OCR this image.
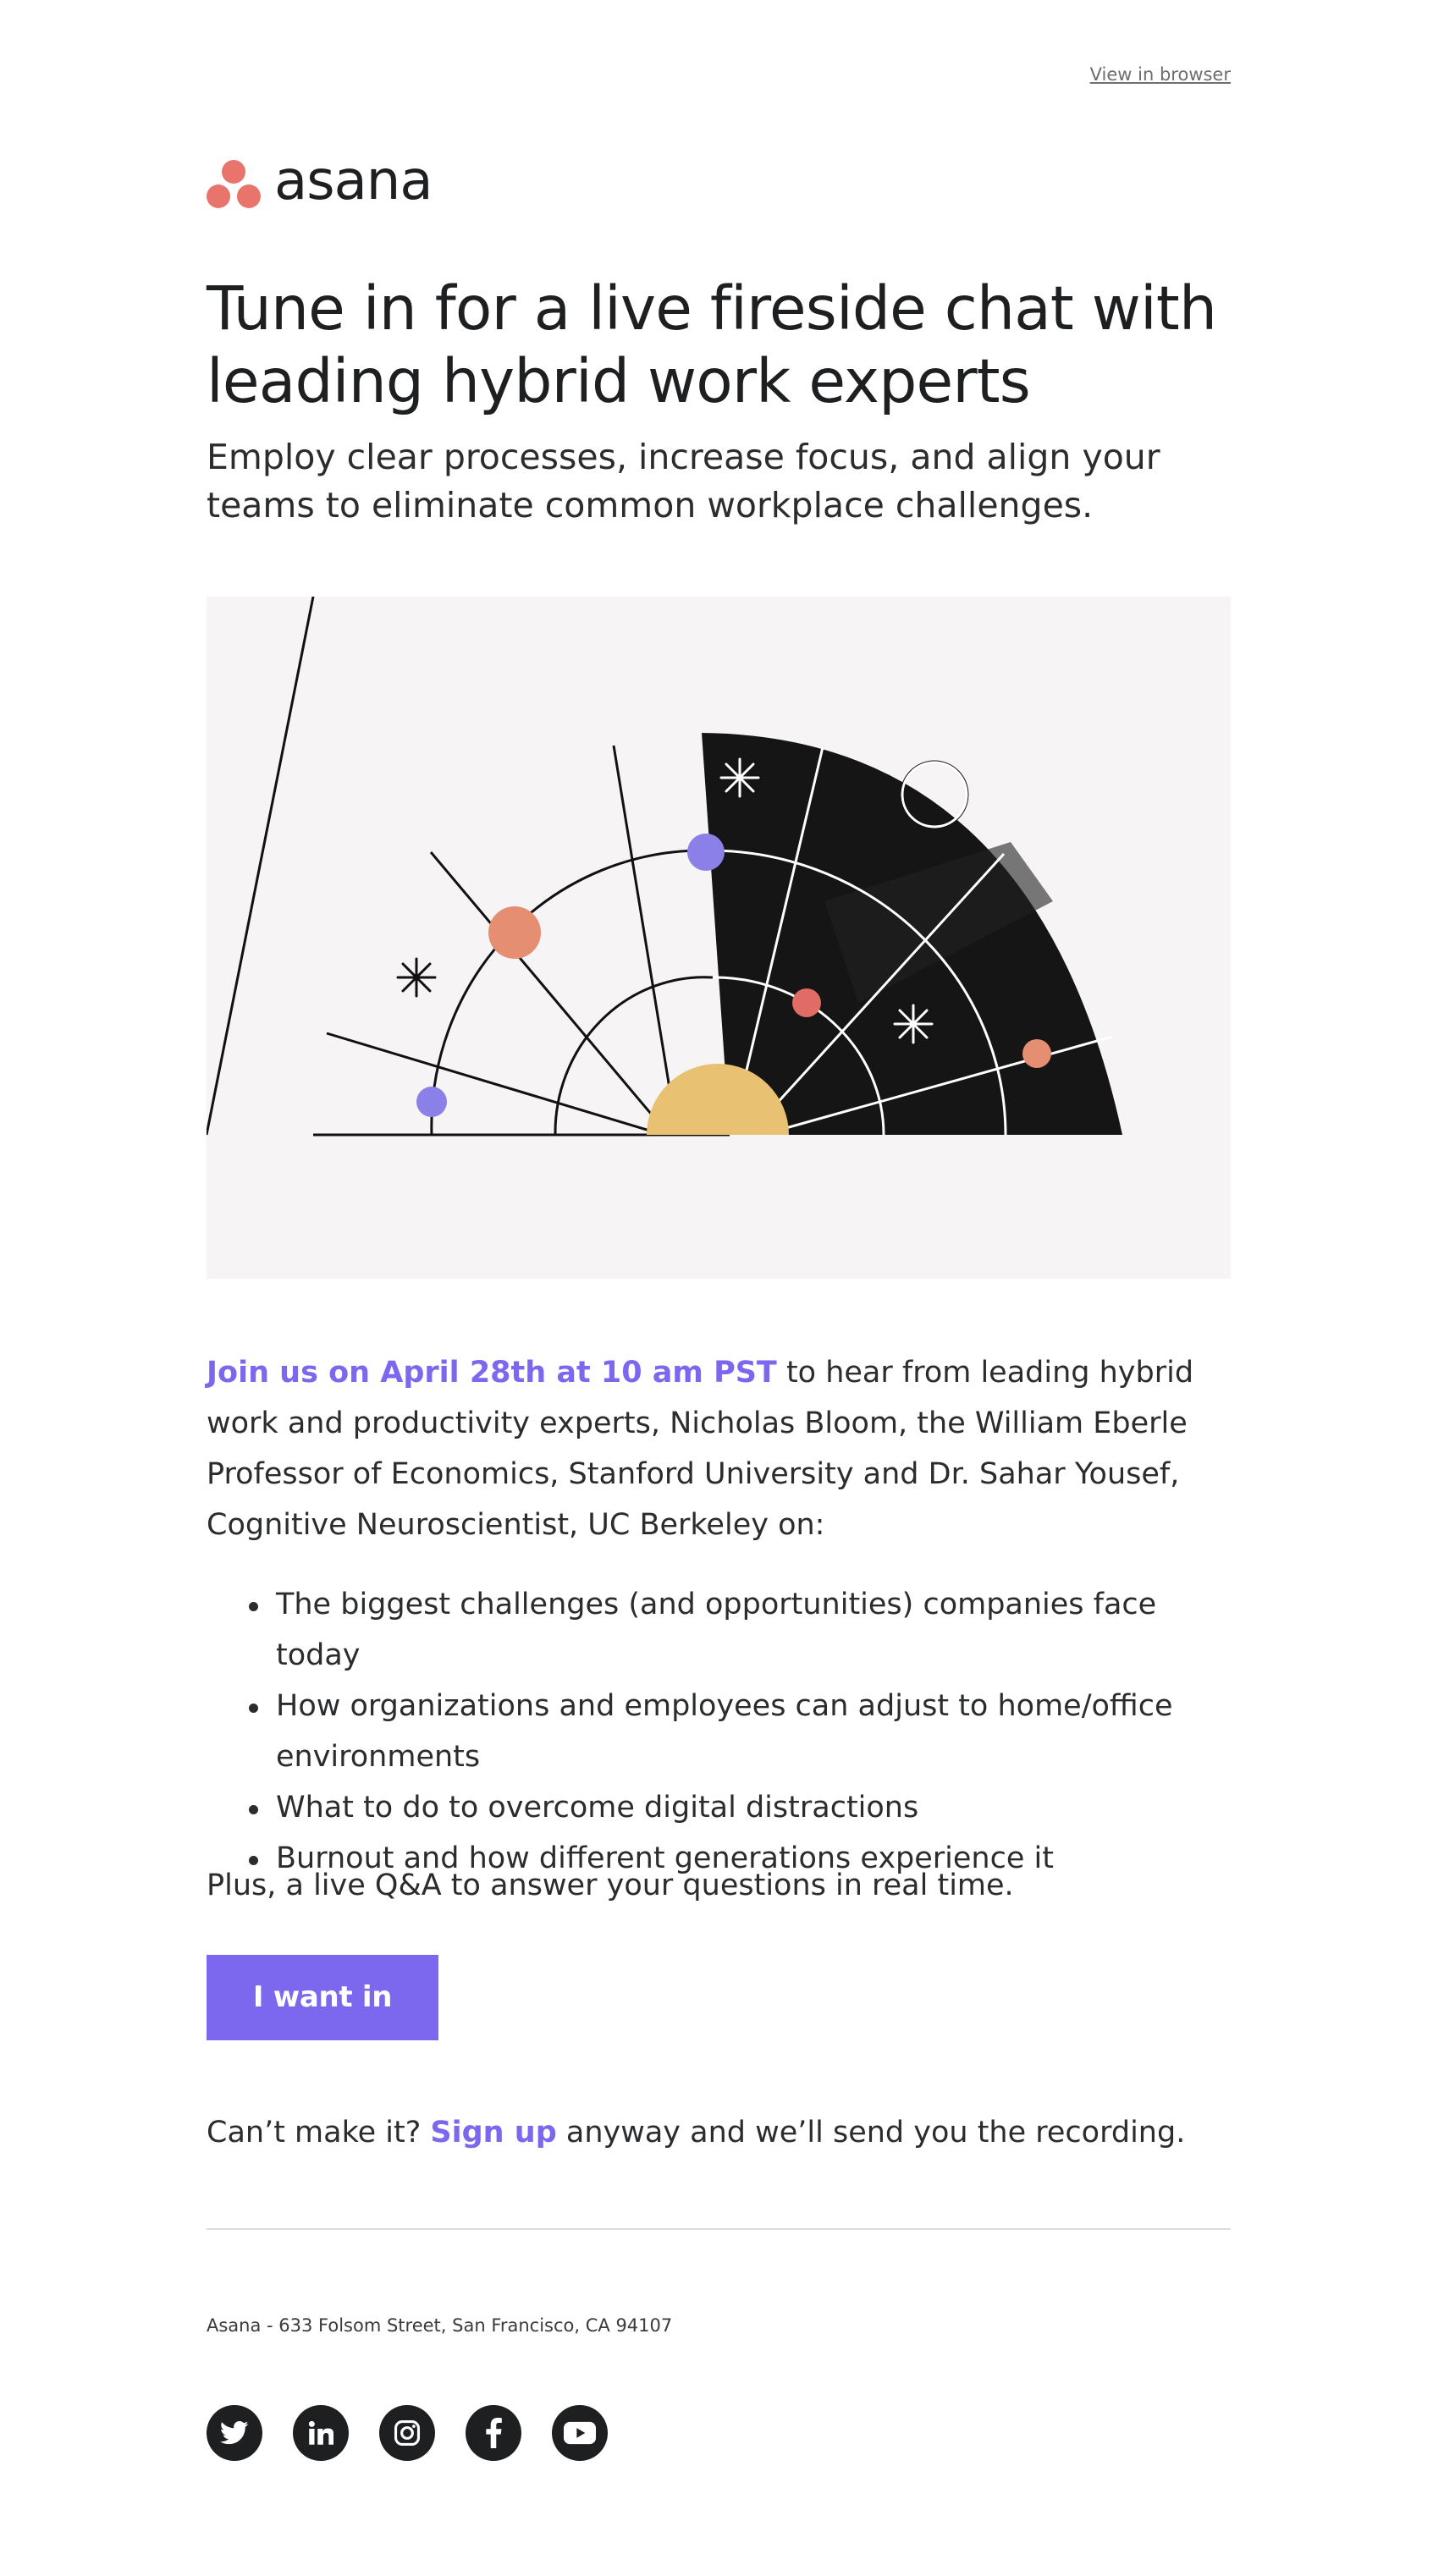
View in browser
asana
Tune in for a live fireside chat with leading hybrid work experts

Employ clear processes, increase focus, and align your teams to eliminate common workplace challenges.

Join us on April 28th at 10 am PST to hear from leading hybrid work and productivity experts, Nicholas Bloom, the William Eberle Professor of Economics, Stanford University and Dr. Sahar Yousef, Cognitive Neuroscientist, UC Berkeley on:

The biggest challenges (and opportunities) companies face today
How organizations and employees can adjust to home/office environments
What to do to overcome digital distractions
Burnout and how different generations experience it

Plus, a live Q&A to answer your questions in real time.

I want in

Can’t make it? Sign up anyway and we’ll send you the recording.

Asana - 633 Folsom Street, San Francisco, CA 94107
